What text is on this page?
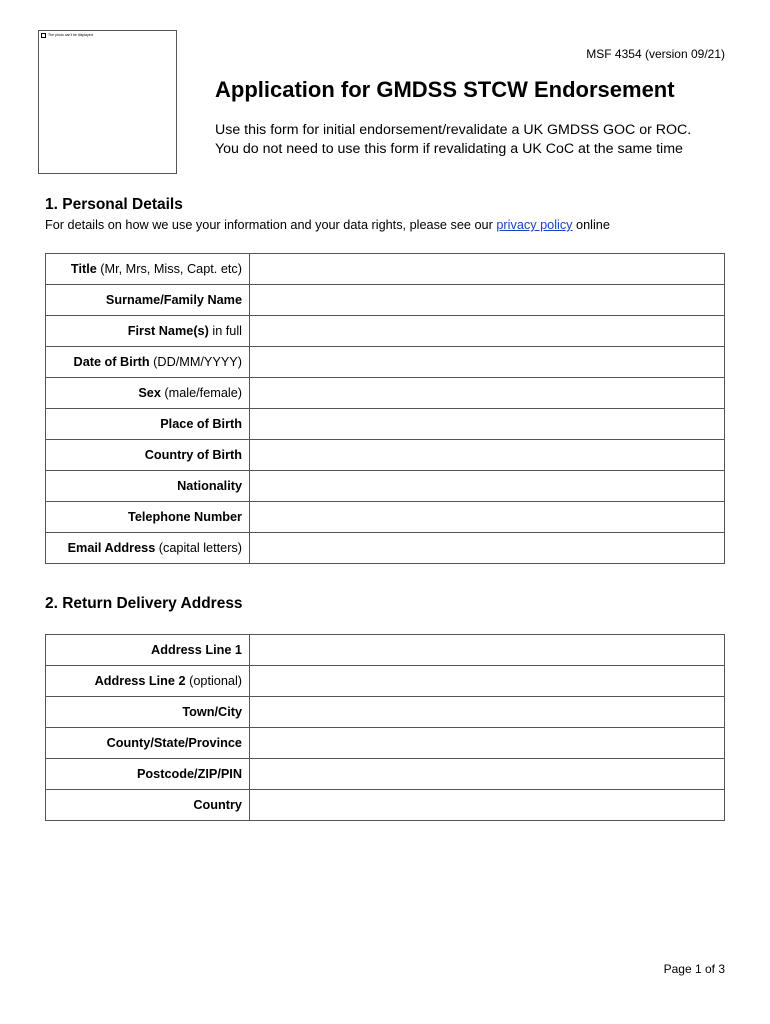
The photo can't be displayed.
MSF 4354 (version 09/21)
Application for GMDSS STCW Endorsement
Use this form for initial endorsement/revalidate a UK GMDSS GOC or ROC.
You do not need to use this form if revalidating a UK CoC at the same time
1. Personal Details
For details on how we use your information and your data rights, please see our privacy policy online
Title (Mr, Mrs, Miss, Capt. etc)	
Surname/Family Name	
First Name(s) in full	
Date of Birth (DD/MM/YYYY)	
Sex (male/female)	
Place of Birth	
Country of Birth	
Nationality	
Telephone Number	
Email Address (capital letters)	
2. Return Delivery Address
Address Line 1	
Address Line 2 (optional)	
Town/City	
County/State/Province	
Postcode/ZIP/PIN	
Country	
Page 1 of 3
